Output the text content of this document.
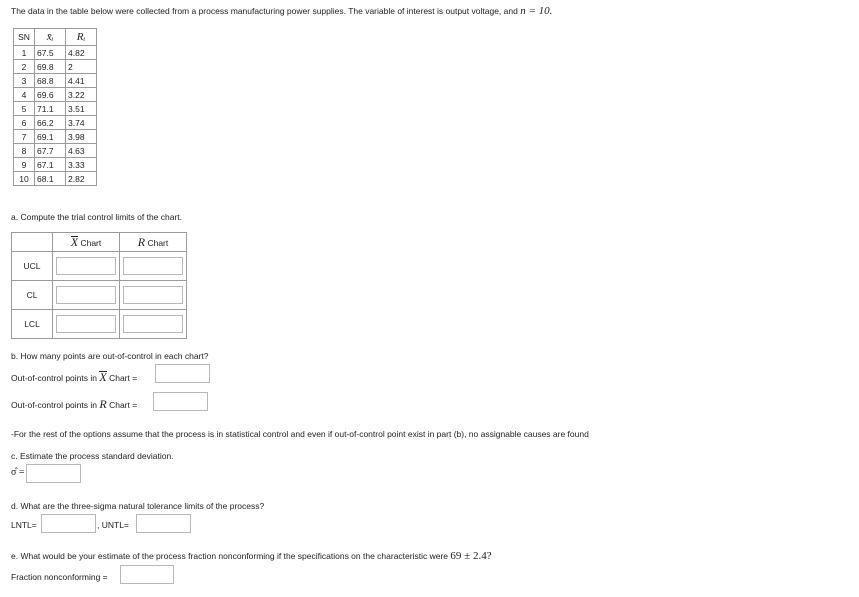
The data in the table below were collected from a process manufacturing power supplies. The variable of interest is output voltage, and n = 10.
SN	x̄ᵢ	Rᵢ
1	67.5	4.82
2	69.8	2
3	68.8	4.41
4	69.6	3.22
5	71.1	3.51
6	66.2	3.74
7	69.1	3.98
8	67.7	4.63
9	67.1	3.33
10	68.1	2.82
a. Compute the trial control limits of the chart.
	X Chart	R Chart
UCL		
CL		
LCL		
b. How many points are out-of-control in each chart?
Out-of-control points in X Chart =
Out-of-control points in R Chart =
-For the rest of the options assume that the process is in statistical control and even if out-of-control point exist in part (b), no assignable causes are found
c. Estimate the process standard deviation.
σ̂ =
d. What are the three-sigma natural tolerance limits of the process?
LNTL=	, UNTL=
e. What would be your estimate of the process fraction nonconforming if the specifications on the characteristic were 69 ± 2.4?
Fraction nonconforming =
